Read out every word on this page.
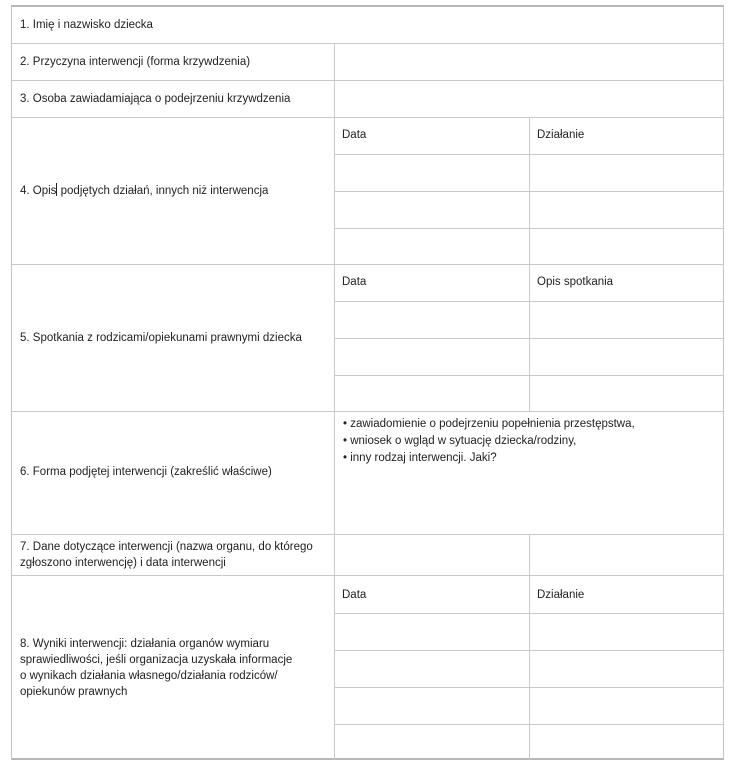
1. Imię i nazwisko dziecka
2. Przyczyna interwencji (forma krzywdzenia)
3. Osoba zawiadamiająca o podejrzeniu krzywdzenia
4. Opis podjętych działań, innych niż interwencja
Data	Działanie
5. Spotkania z rodzicami/opiekunami prawnymi dziecka
Data	Opis spotkania
6. Forma podjętej interwencji (zakreślić właściwe)
• zawiadomienie o podejrzeniu popełnienia przestępstwa,
• wniosek o wgląd w sytuację dziecka/rodziny,
• inny rodzaj interwencji. Jaki?
7. Dane dotyczące interwencji (nazwa organu, do którego
zgłoszono interwencję) i data interwencji
8. Wyniki interwencji: działania organów wymiaru
sprawiedliwości, jeśli organizacja uzyskała informacje
o wynikach działania własnego/działania rodziców/
opiekunów prawnych
Data	Działanie
